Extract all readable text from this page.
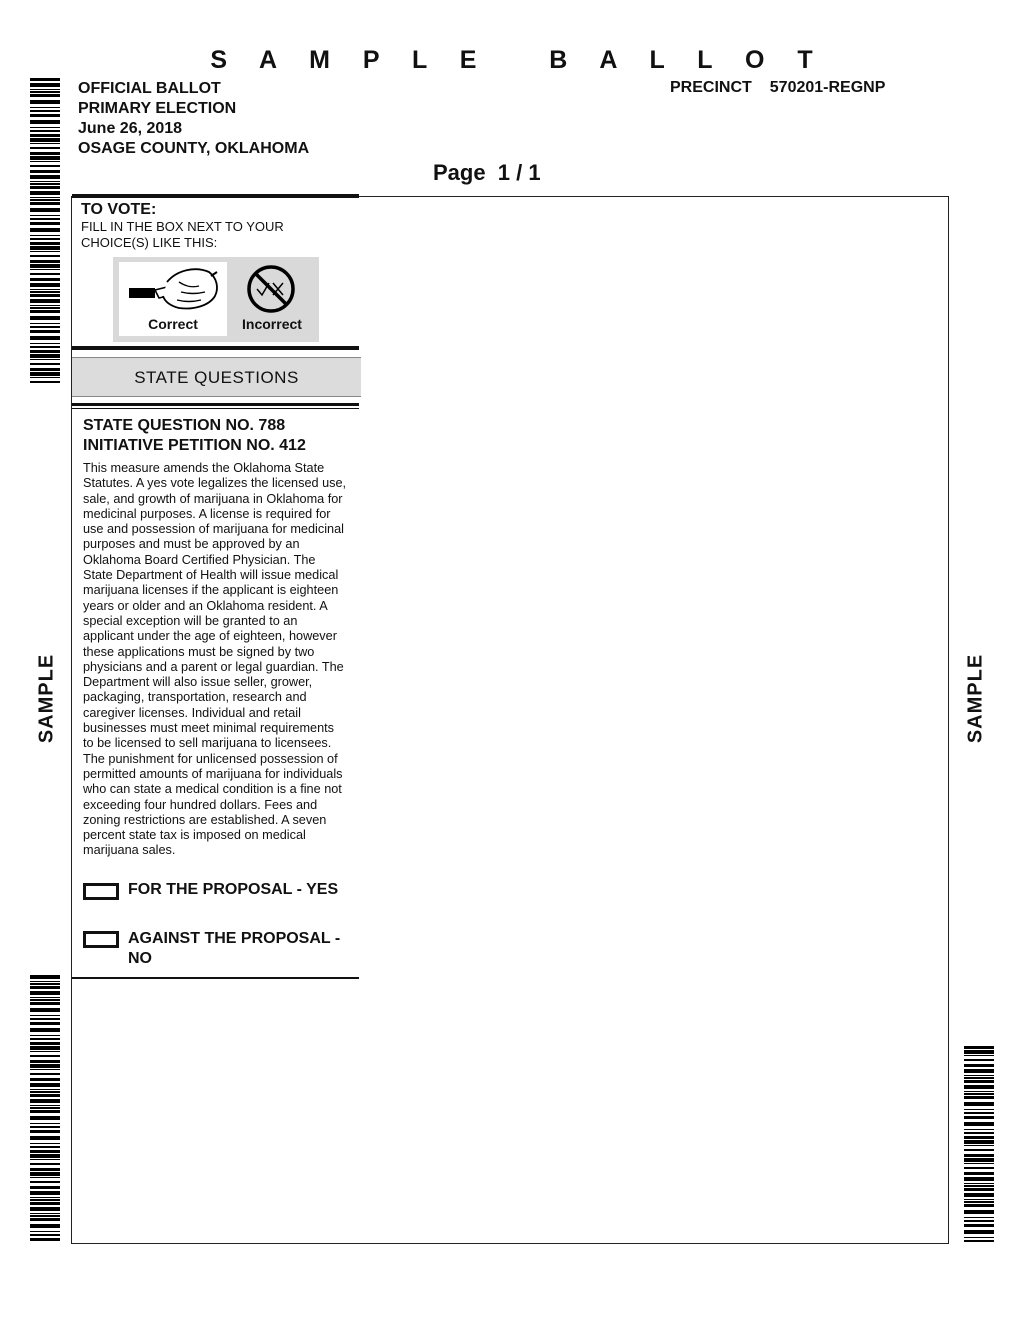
S A M P L E   B A L L O T
OFFICIAL BALLOT
PRIMARY ELECTION
June 26, 2018
OSAGE COUNTY, OKLAHOMA
PRECINCT 570201-REGNP
Page  1 / 1
TO VOTE:
FILL IN THE BOX NEXT TO YOUR
CHOICE(S) LIKE THIS:
Correct	Incorrect
STATE QUESTIONS
STATE QUESTION NO. 788
INITIATIVE PETITION NO. 412
This measure amends the Oklahoma State
Statutes. A yes vote legalizes the licensed use,
sale, and growth of marijuana in Oklahoma for
medicinal purposes. A license is required for
use and possession of marijuana for medicinal
purposes and must be approved by an
Oklahoma Board Certified Physician. The
State Department of Health will issue medical
marijuana licenses if the applicant is eighteen
years or older and an Oklahoma resident. A
special exception will be granted to an
applicant under the age of eighteen, however
these applications must be signed by two
physicians and a parent or legal guardian. The
Department will also issue seller, grower,
packaging, transportation, research and
caregiver licenses. Individual and retail
businesses must meet minimal requirements
to be licensed to sell marijuana to licensees.
The punishment for unlicensed possession of
permitted amounts of marijuana for individuals
who can state a medical condition is a fine not
exceeding four hundred dollars. Fees and
zoning restrictions are established. A seven
percent state tax is imposed on medical
marijuana sales.
FOR THE PROPOSAL - YES
AGAINST THE PROPOSAL - NO
SAMPLE	SAMPLE
